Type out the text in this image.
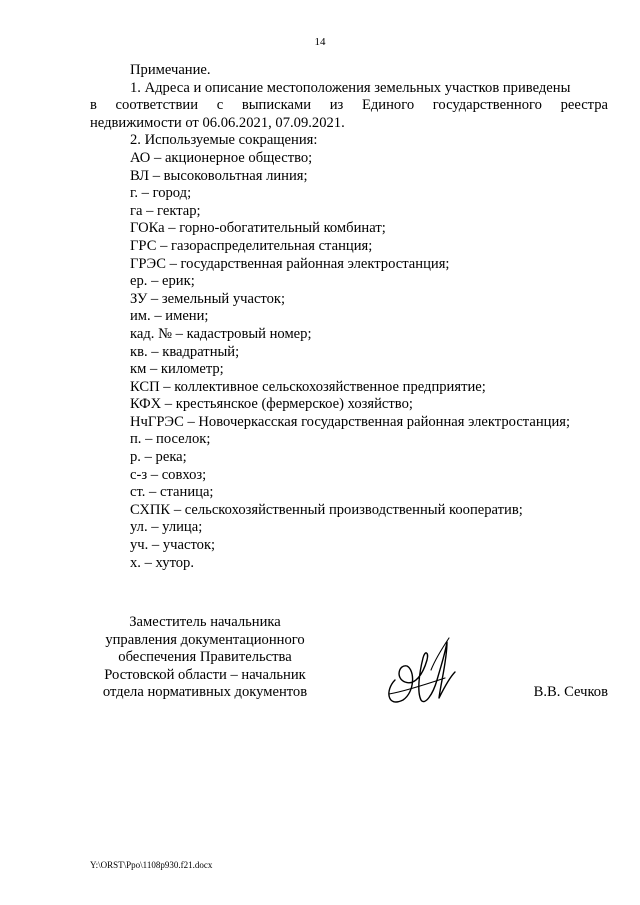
14
Примечание.
1. Адреса и описание местоположения земельных участков приведены
в соответствии с выписками из Единого государственного реестра
недвижимости от 06.06.2021, 07.09.2021.
2. Используемые сокращения:
АО – акционерное общество;
ВЛ – высоковольтная линия;
г. – город;
га – гектар;
ГОКа – горно-обогатительный комбинат;
ГРС – газораспределительная станция;
ГРЭС – государственная районная электростанция;
ер. – ерик;
ЗУ – земельный участок;
им. – имени;
кад. № – кадастровый номер;
кв. – квадратный;
км – километр;
КСП – коллективное сельскохозяйственное предприятие;
КФХ – крестьянское (фермерское) хозяйство;
НчГРЭС – Новочеркасская государственная районная электростанция;
п. – поселок;
р. – река;
с-з – совхоз;
ст. – станица;
СХПК – сельскохозяйственный производственный кооператив;
ул. – улица;
уч. – участок;
х. – хутор.
Заместитель начальника
управления документационного
обеспечения Правительства
Ростовской области – начальник
отдела нормативных документов	В.В. Сечков
Y:\ORST\Ppo\1108p930.f21.docx
